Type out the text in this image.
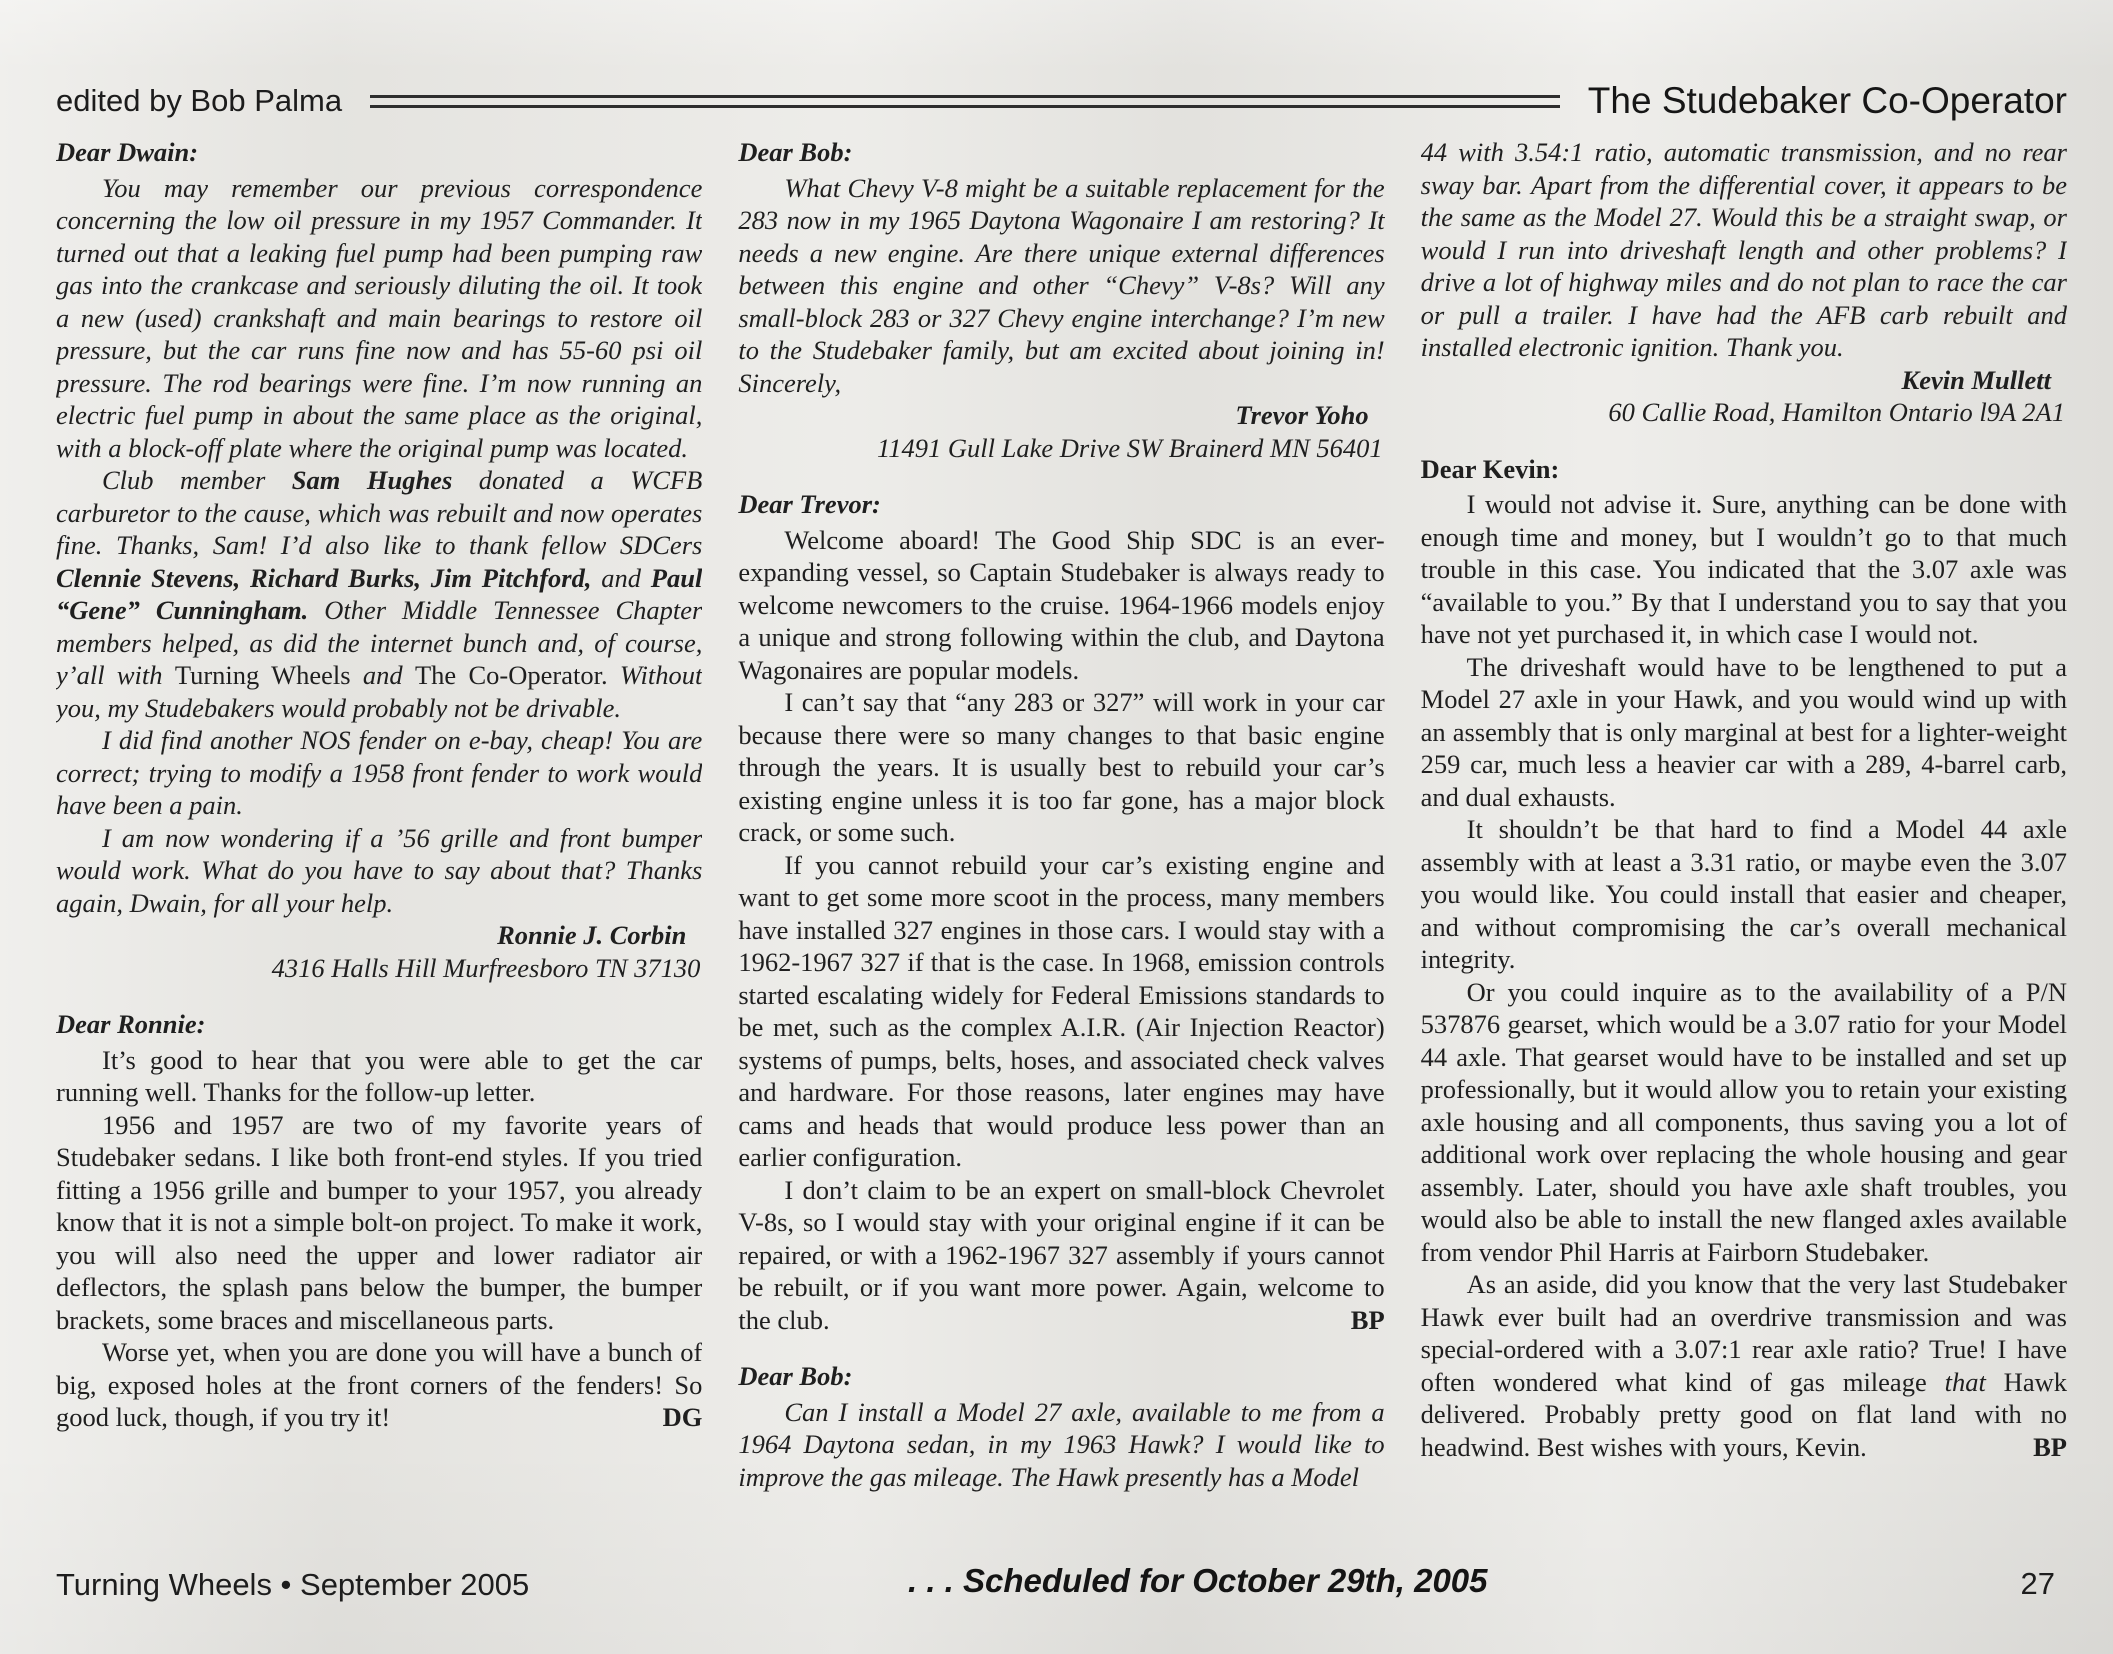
edited by Bob Palma	The Studebaker Co-Operator
Dear Dwain:
You may remember our previous correspondence concerning the low oil pressure in my 1957 Commander. It turned out that a leaking fuel pump had been pumping raw gas into the crankcase and seriously diluting the oil. It took a new (used) crankshaft and main bearings to restore oil pressure, but the car runs fine now and has 55-60 psi oil pressure. The rod bearings were fine. I’m now running an electric fuel pump in about the same place as the original, with a block-off plate where the original pump was located.
Club member Sam Hughes donated a WCFB carburetor to the cause, which was rebuilt and now operates fine. Thanks, Sam! I’d also like to thank fellow SDCers Clennie Stevens, Richard Burks, Jim Pitchford, and Paul “Gene” Cunningham. Other Middle Tennessee Chapter members helped, as did the internet bunch and, of course, y’all with Turning Wheels and The Co-Operator. Without you, my Studebakers would probably not be drivable.
I did find another NOS fender on e-bay, cheap! You are correct; trying to modify a 1958 front fender to work would have been a pain.
I am now wondering if a ’56 grille and front bumper would work. What do you have to say about that? Thanks again, Dwain, for all your help.
Ronnie J. Corbin
4316 Halls Hill Murfreesboro TN 37130
Dear Ronnie:
It’s good to hear that you were able to get the car running well. Thanks for the follow-up letter.
1956 and 1957 are two of my favorite years of Studebaker sedans. I like both front-end styles. If you tried fitting a 1956 grille and bumper to your 1957, you already know that it is not a simple bolt-on project. To make it work, you will also need the upper and lower radiator air deflectors, the splash pans below the bumper, the bumper brackets, some braces and miscellaneous parts.
Worse yet, when you are done you will have a bunch of big, exposed holes at the front corners of the fenders! So good luck, though, if you try it!	DG
Dear Bob:
What Chevy V-8 might be a suitable replacement for the 283 now in my 1965 Daytona Wagonaire I am restoring? It needs a new engine. Are there unique external differences between this engine and other “Chevy” V-8s? Will any small-block 283 or 327 Chevy engine interchange? I’m new to the Studebaker family, but am excited about joining in! Sincerely,
Trevor Yoho
11491 Gull Lake Drive SW Brainerd MN 56401
Dear Trevor:
Welcome aboard! The Good Ship SDC is an ever-expanding vessel, so Captain Studebaker is always ready to welcome newcomers to the cruise. 1964-1966 models enjoy a unique and strong following within the club, and Daytona Wagonaires are popular models.
I can’t say that “any 283 or 327” will work in your car because there were so many changes to that basic engine through the years. It is usually best to rebuild your car’s existing engine unless it is too far gone, has a major block crack, or some such.
If you cannot rebuild your car’s existing engine and want to get some more scoot in the process, many members have installed 327 engines in those cars. I would stay with a 1962-1967 327 if that is the case. In 1968, emission controls started escalating widely for Federal Emissions standards to be met, such as the complex A.I.R. (Air Injection Reactor) systems of pumps, belts, hoses, and associated check valves and hardware. For those reasons, later engines may have cams and heads that would produce less power than an earlier configuration.
I don’t claim to be an expert on small-block Chevrolet V-8s, so I would stay with your original engine if it can be repaired, or with a 1962-1967 327 assembly if yours cannot be rebuilt, or if you want more power. Again, welcome to the club.	BP
Dear Bob:
Can I install a Model 27 axle, available to me from a 1964 Daytona sedan, in my 1963 Hawk? I would like to improve the gas mileage. The Hawk presently has a Model
44 with 3.54:1 ratio, automatic transmission, and no rear sway bar. Apart from the differential cover, it appears to be the same as the Model 27. Would this be a straight swap, or would I run into driveshaft length and other problems? I drive a lot of highway miles and do not plan to race the car or pull a trailer. I have had the AFB carb rebuilt and installed electronic ignition. Thank you.
Kevin Mullett
60 Callie Road, Hamilton Ontario l9A 2A1
Dear Kevin:
I would not advise it. Sure, anything can be done with enough time and money, but I wouldn’t go to that much trouble in this case. You indicated that the 3.07 axle was “available to you.” By that I understand you to say that you have not yet purchased it, in which case I would not.
The driveshaft would have to be lengthened to put a Model 27 axle in your Hawk, and you would wind up with an assembly that is only marginal at best for a lighter-weight 259 car, much less a heavier car with a 289, 4-barrel carb, and dual exhausts.
It shouldn’t be that hard to find a Model 44 axle assembly with at least a 3.31 ratio, or maybe even the 3.07 you would like. You could install that easier and cheaper, and without compromising the car’s overall mechanical integrity.
Or you could inquire as to the availability of a P/N 537876 gearset, which would be a 3.07 ratio for your Model 44 axle. That gearset would have to be installed and set up professionally, but it would allow you to retain your existing axle housing and all components, thus saving you a lot of additional work over replacing the whole housing and gear assembly. Later, should you have axle shaft troubles, you would also be able to install the new flanged axles available from vendor Phil Harris at Fairborn Studebaker.
As an aside, did you know that the very last Studebaker Hawk ever built had an overdrive transmission and was special-ordered with a 3.07:1 rear axle ratio? True! I have often wondered what kind of gas mileage that Hawk delivered. Probably pretty good on flat land with no headwind. Best wishes with yours, Kevin.	BP
Turning Wheels • September 2005	. . . Scheduled for October 29th, 2005	27
